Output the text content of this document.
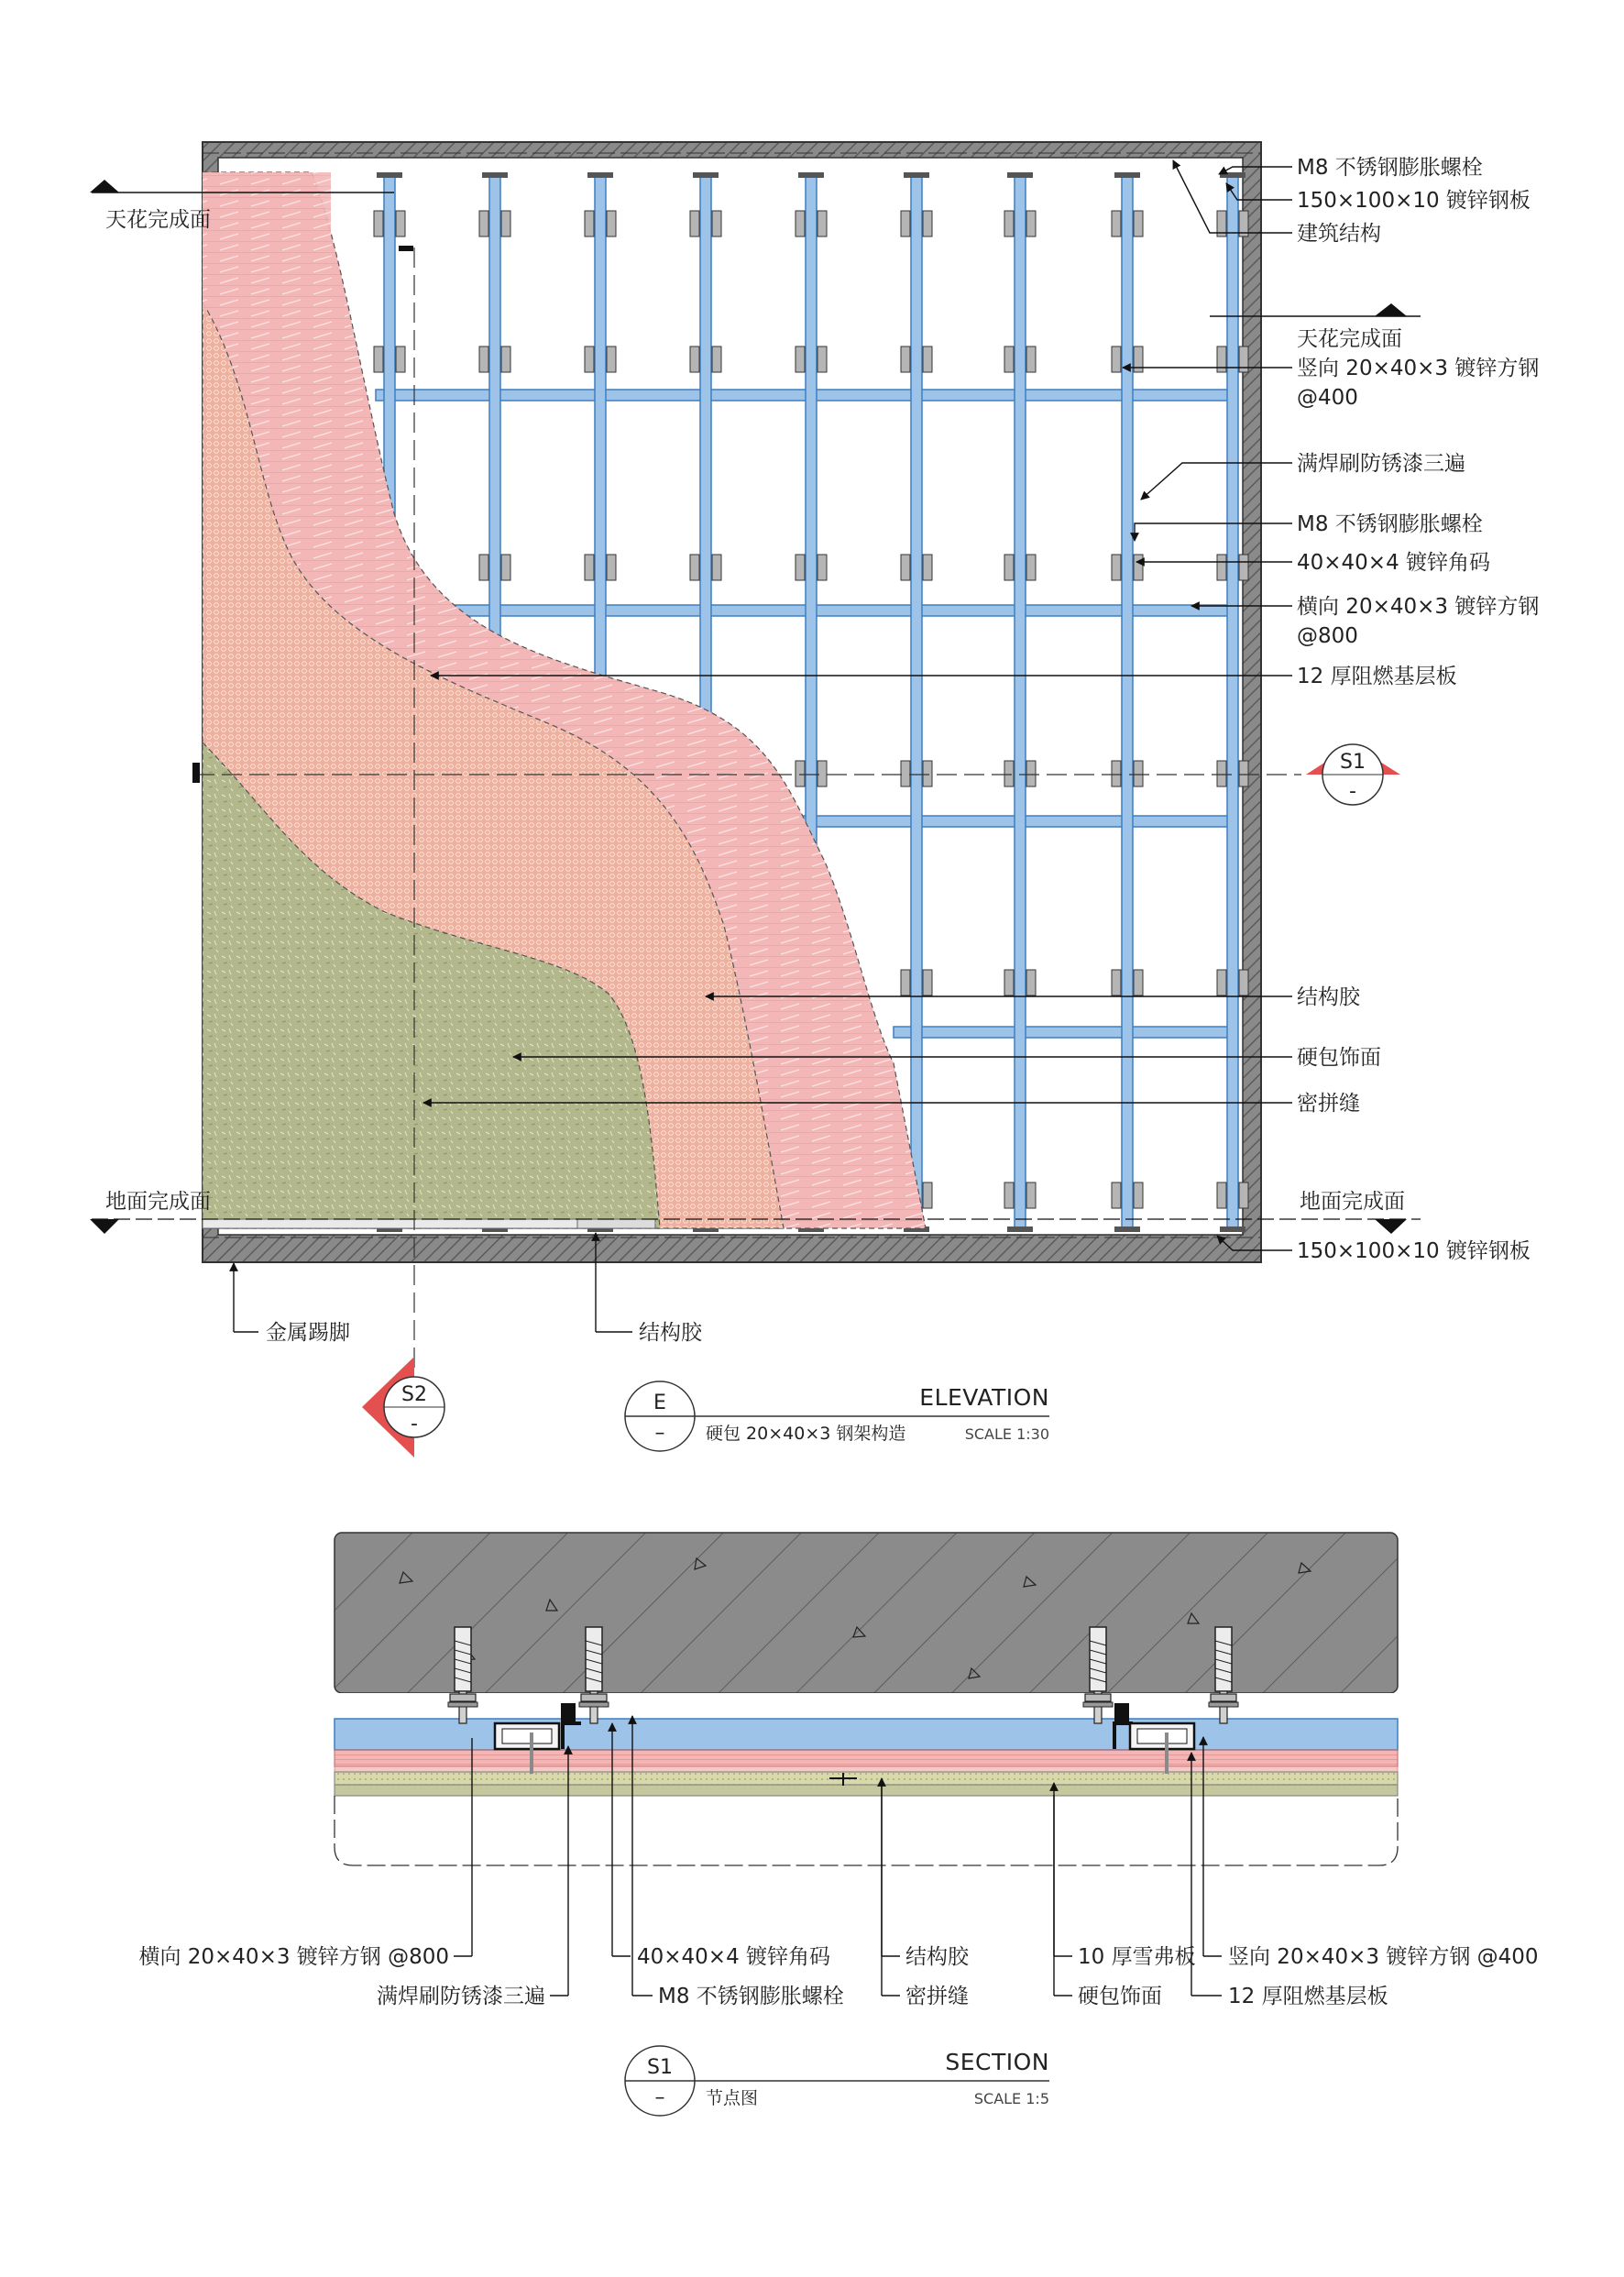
天花完成面
地面完成面
M8 不锈钢膨胀螺栓
150×100×10 镀锌钢板
建筑结构
天花完成面
竖向 20×40×3 镀锌方钢
@400
满焊刷防锈漆三遍
M8 不锈钢膨胀螺栓
40×40×4 镀锌角码
横向 20×40×3 镀锌方钢
@800
12 厚阻燃基层板
结构胶
硬包饰面
密拼缝
地面完成面
150×100×10 镀锌钢板
金属踢脚	结构胶
S1
-
S2
-
E
–
ELEVATION
硬包 20×40×3 钢架构造	SCALE 1:30
横向 20×40×3 镀锌方钢 @800
满焊刷防锈漆三遍
40×40×4 镀锌角码
M8 不锈钢膨胀螺栓
结构胶
密拼缝
10 厚雪弗板
硬包饰面
竖向 20×40×3 镀锌方钢 @400
12 厚阻燃基层板
S1
–
SECTION
节点图	SCALE 1:5
